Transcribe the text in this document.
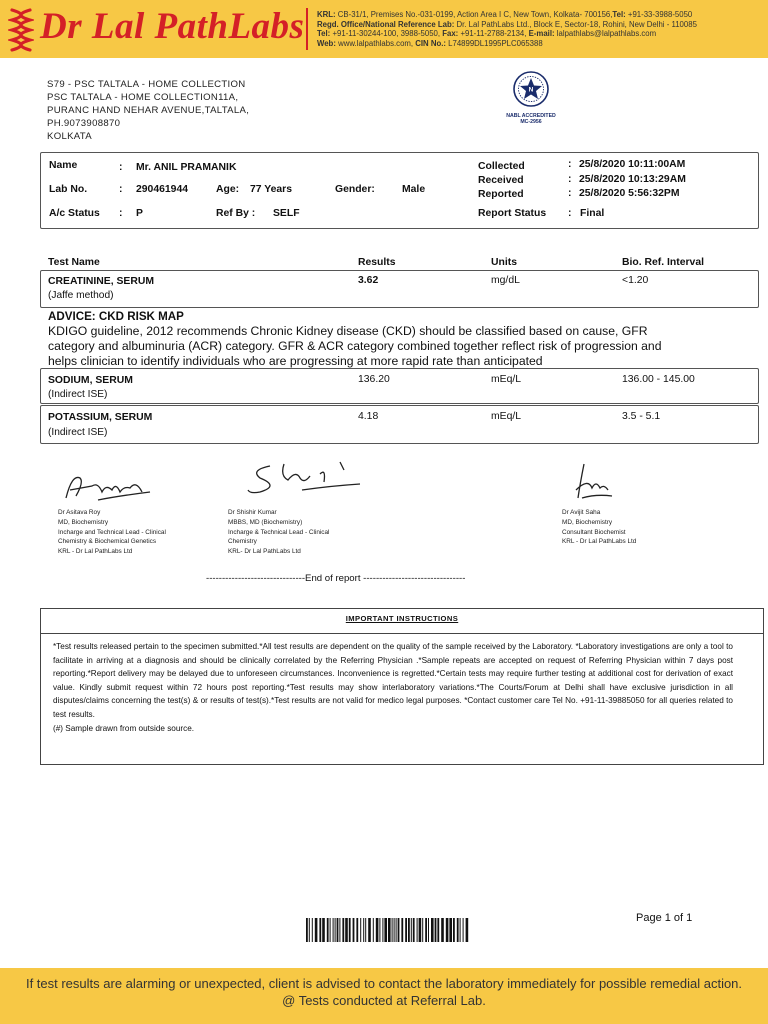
Dr Lal PathLabs KRL: CB-31/1, Premises No.-031-0199, Action Area I C, New Town, Kolkata- 700156,Tel: +91-33-3988-5050
Regd. Office/National Reference Lab: Dr. Lal PathLabs Ltd., Block E, Sector-18, Rohini, New Delhi - 110085
Tel: +91-11-30244-100, 3988-5050, Fax: +91-11-2788-2134, E-mail: lalpathlabs@lalpathlabs.com
Web: www.lalpathlabs.com, CIN No.: L74899DL1995PLC065388
S79 - PSC TALTALA - HOME COLLECTION
PSC TALTALA - HOME COLLECTION11A,
PURANC HAND NEHAR AVENUE,TALTALA,
PH.9073908870
KOLKATA
N
NABL ACCREDITED
MC-2956
Name	: Mr. ANIL PRAMANIK
Lab No.	: 290461944	Age: 77 Years	Gender:	Male
A/c Status : P	Ref By : SELF
Collected	: 25/8/2020 10:11:00AM
Received	: 25/8/2020 10:13:29AM
Reported	: 25/8/2020 5:56:32PM
Report Status : Final
Test Name	Results	Units	Bio. Ref. Interval
CREATININE, SERUM
(Jaffe method)
3.62	mg/dL	<1.20
ADVICE: CKD RISK MAP
KDIGO guideline, 2012 recommends Chronic Kidney disease (CKD) should be classified based on cause, GFR category and albuminuria (ACR) category. GFR & ACR category combined together reflect risk of progression and helps clinician to identify individuals who are progressing at more rapid rate than anticipated
SODIUM, SERUM
(Indirect ISE)
136.20	mEq/L	136.00 - 145.00
POTASSIUM, SERUM
(Indirect ISE)
4.18	mEq/L	3.5 - 5.1
Dr Asitava Roy
MD, Biochemistry
Incharge and Technical Lead - Clinical
Chemistry & Biochemical Genetics
KRL - Dr Lal PathLabs Ltd
Dr Shishir Kumar
MBBS, MD (Biochemistry)
Incharge & Technical Lead - Clinical
Chemistry
KRL- Dr Lal PathLabs Ltd
Dr Avijit Saha
MD, Biochemistry
Consultant Biochemist
KRL - Dr Lal PathLabs Ltd
-------------------------------End of report --------------------------------
IMPORTANT INSTRUCTIONS
*Test results released pertain to the specimen submitted.*All test results are dependent on the quality of the sample received by the Laboratory. *Laboratory investigations are only a tool to facilitate in arriving at a diagnosis and should be clinically correlated by the Referring Physician .*Sample repeats are accepted on request of Referring Physician within 7 days post reporting.*Report delivery may be delayed due to unforeseen circumstances. Inconvenience is regretted.*Certain tests may require further testing at additional cost for derivation of exact value. Kindly submit request within 72 hours post reporting.*Test results may show interlaboratory variations.*The Courts/Forum at Delhi shall have exclusive jurisdiction in all disputes/claims concerning the test(s) & or results of test(s).*Test results are not valid for medico legal purposes. *Contact customer care Tel No. +91-11-39885050 for all queries related to test results.
(#) Sample drawn from outside source.
Page 1 of 1
If test results are alarming or unexpected, client is advised to contact the laboratory immediately for possible remedial action.
@ Tests conducted at Referral Lab.
